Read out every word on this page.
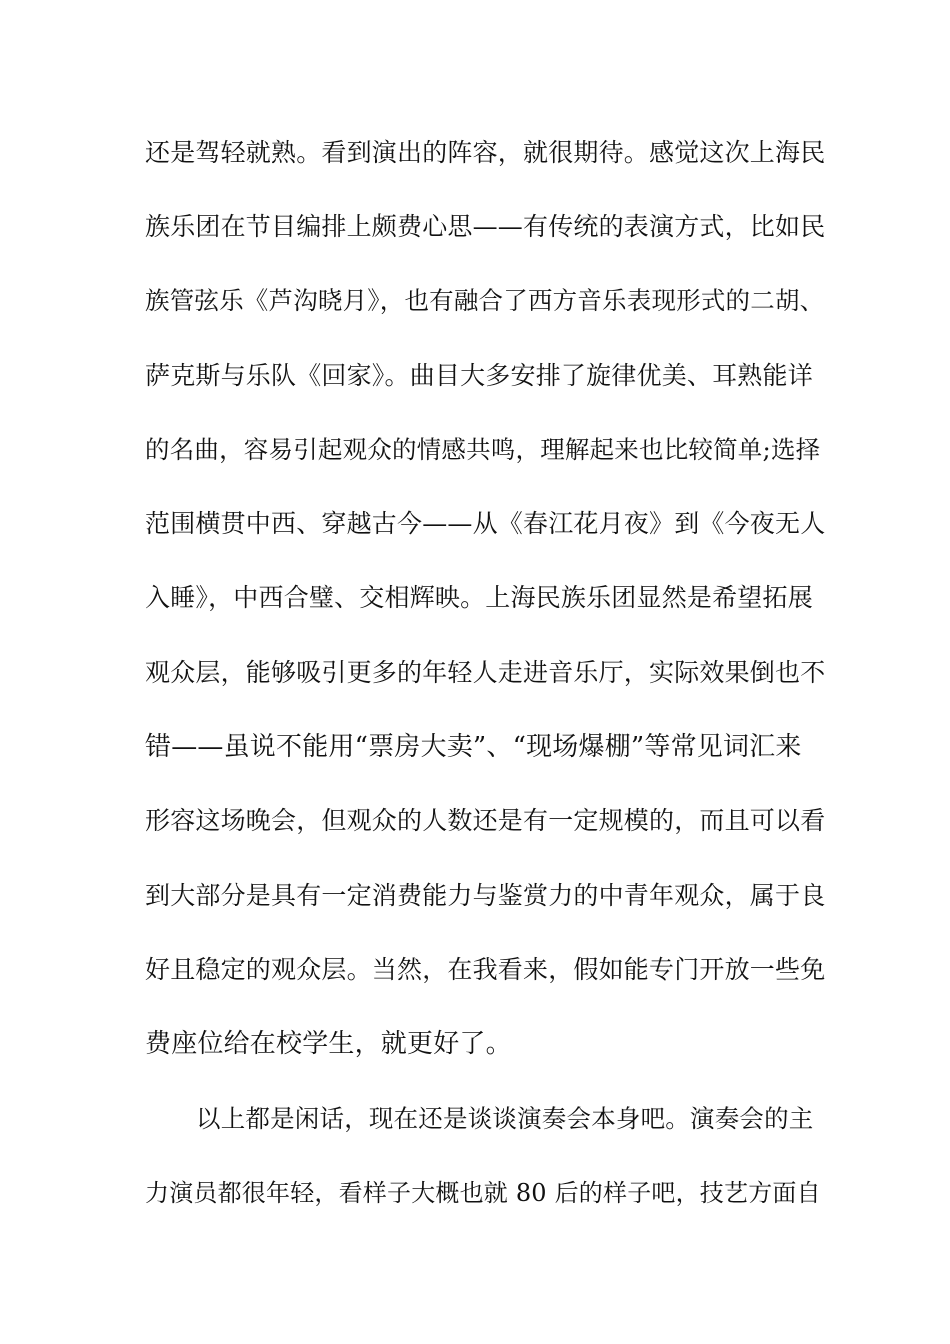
还是驾轻就熟。看到演出的阵容，就很期待。感觉这次上海民
族乐团在节目编排上颇费心思——有传统的表演方式，比如民
族管弦乐《芦沟晓月》，也有融合了西方音乐表现形式的二胡、
萨克斯与乐队《回家》。曲目大多安排了旋律优美、耳熟能详
的名曲，容易引起观众的情感共鸣，理解起来也比较简单;选择
范围横贯中西、穿越古今——从《春江花月夜》到《今夜无人
入睡》，中西合璧、交相辉映。上海民族乐团显然是希望拓展
观众层，能够吸引更多的年轻人走进音乐厅，实际效果倒也不
错——虽说不能用“票房大卖”、“现场爆棚”等常见词汇来
形容这场晚会，但观众的人数还是有一定规模的，而且可以看
到大部分是具有一定消费能力与鉴赏力的中青年观众，属于良
好且稳定的观众层。当然，在我看来，假如能专门开放一些免
费座位给在校学生，就更好了。
以上都是闲话，现在还是谈谈演奏会本身吧。演奏会的主
力演员都很年轻，看样子大概也就 80 后的样子吧，技艺方面自
